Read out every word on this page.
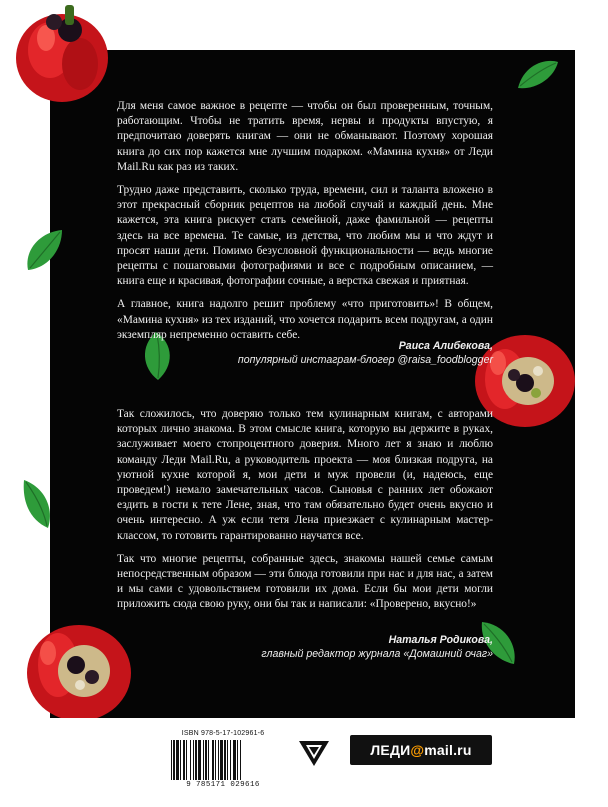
Для меня самое важное в рецепте — чтобы он был проверенным, точным, работающим. Чтобы не тратить время, нервы и продукты впустую, я предпочитаю доверять книгам — они не обманывают. Поэтому хорошая книга до сих пор кажется мне лучшим подарком. «Мамина кухня» от Леди Mail.Ru как раз из таких.

Трудно даже представить, сколько труда, времени, сил и таланта вложено в этот прекрасный сборник рецептов на любой случай и каждый день. Мне кажется, эта книга рискует стать семейной, даже фамильной — рецепты здесь на все времена. Те самые, из детства, что любим мы и что ждут и просят наши дети. Помимо безусловной функциональности — ведь многие рецепты с пошаговыми фотографиями и все с подробным описанием, — книга еще и красивая, фотографии сочные, а верстка свежая и приятная.

А главное, книга надолго решит проблему «что приготовить»! В общем, «Мамина кухня» из тех изданий, что хочется подарить всем подругам, а один экземпляр непременно оставить себе.

Раиса Алибекова,
популярный инстаграм-блогер @raisa_foodblogger

Так сложилось, что доверяю только тем кулинарным книгам, с авторами которых лично знакома. В этом смысле книга, которую вы держите в руках, заслуживает моего стопроцентного доверия. Много лет я знаю и люблю команду Леди Mail.Ru, а руководитель проекта — моя близкая подруга, на уютной кухне которой я, мои дети и муж провели (и, надеюсь, еще проведем!) немало замечательных часов. Сыновья с ранних лет обожают ездить в гости к тете Лене, зная, что там обязательно будет очень вкусно и очень интересно. А уж если тетя Лена приезжает с кулинарным мастер-классом, то готовить гарантированно научатся все.

Так что многие рецепты, собранные здесь, знакомы нашей семье самым непосредственным образом — эти блюда готовили при нас и для нас, а затем и мы сами с удовольствием готовили их дома. Если бы мои дети могли приложить сюда свою руку, они бы так и написали: «Проверено, вкусно!»

Наталья Родикова,
главный редактор журнала «Домашний очаг»
ISBN 978-5-17-102961-6
9 785171 029616
ЛЕДИ @ mail.ru
